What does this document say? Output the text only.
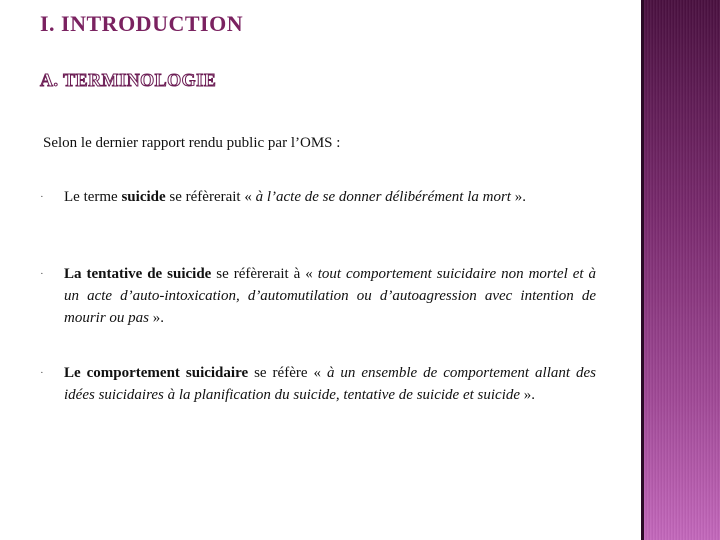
I. INTRODUCTION
A. TERMINOLOGIE

Selon le dernier rapport rendu public par l’OMS :

· Le terme suicide se réfèrerait « à l’acte de se donner délibérément la mort ».
· La tentative de suicide se réfèrerait à « tout comportement suicidaire non mortel et à un acte d’auto-intoxication, d’automutilation ou d’autoagression avec intention de mourir ou pas ».
· Le comportement suicidaire se réfère « à un ensemble de comportement allant des idées suicidaires à la planification du suicide, tentative de suicide et suicide ».
